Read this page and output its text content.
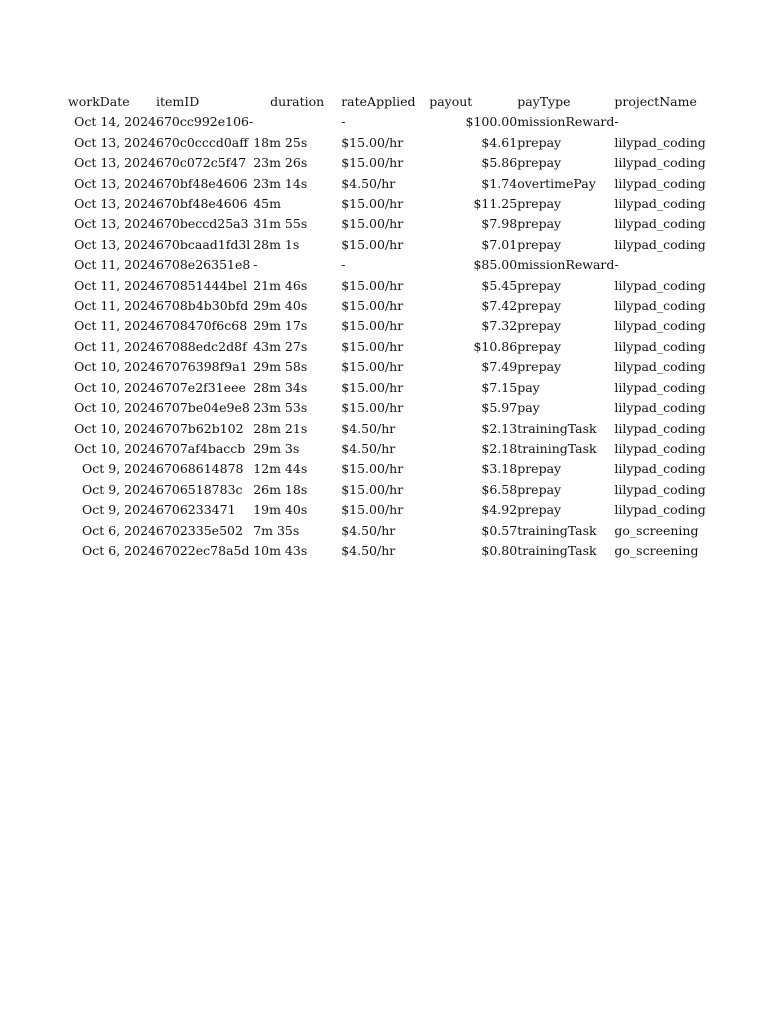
workDate	itemID	duration	rateApplied	payout	payType	projectName
Oct 14, 2024	670cc992e106-		-	$100.00	missionReward	-
Oct 13, 2024	670c0cccd0aff	18m 25s	$15.00/hr	$4.61	prepay	lilypad_coding
Oct 13, 2024	670c072c5f47	23m 26s	$15.00/hr	$5.86	prepay	lilypad_coding
Oct 13, 2024	670bf48e4606	23m 14s	$4.50/hr	$1.74	overtimePay	lilypad_coding
Oct 13, 2024	670bf48e4606	45m	$15.00/hr	$11.25	prepay	lilypad_coding
Oct 13, 2024	670beccd25a3	31m 55s	$15.00/hr	$7.98	prepay	lilypad_coding
Oct 13, 2024	670bcaad1fd3l	28m 1s	$15.00/hr	$7.01	prepay	lilypad_coding
Oct 11, 2024	6708e26351e8	-	-	$85.00	missionReward	-
Oct 11, 2024	670851444bel	21m 46s	$15.00/hr	$5.45	prepay	lilypad_coding
Oct 11, 2024	6708b4b30bfd	29m 40s	$15.00/hr	$7.42	prepay	lilypad_coding
Oct 11, 2024	6708470f6c68	29m 17s	$15.00/hr	$7.32	prepay	lilypad_coding
Oct 11, 2024	67088edc2d8f	43m 27s	$15.00/hr	$10.86	prepay	lilypad_coding
Oct 10, 2024	67076398f9a1	29m 58s	$15.00/hr	$7.49	prepay	lilypad_coding
Oct 10, 2024	6707e2f31eee	28m 34s	$15.00/hr	$7.15	pay	lilypad_coding
Oct 10, 2024	6707be04e9e8	23m 53s	$15.00/hr	$5.97	pay	lilypad_coding
Oct 10, 2024	6707b62b102	28m 21s	$4.50/hr	$2.13	trainingTask	lilypad_coding
Oct 10, 2024	6707af4baccb	29m 3s	$4.50/hr	$2.18	trainingTask	lilypad_coding
Oct 9, 2024	67068614878	12m 44s	$15.00/hr	$3.18	prepay	lilypad_coding
Oct 9, 2024	6706518783c	26m 18s	$15.00/hr	$6.58	prepay	lilypad_coding
Oct 9, 2024	6706233471	19m 40s	$15.00/hr	$4.92	prepay	lilypad_coding
Oct 6, 2024	6702335e502	7m 35s	$4.50/hr	$0.57	trainingTask	go_screening
Oct 6, 2024	67022ec78a5d	10m 43s	$4.50/hr	$0.80	trainingTask	go_screening
